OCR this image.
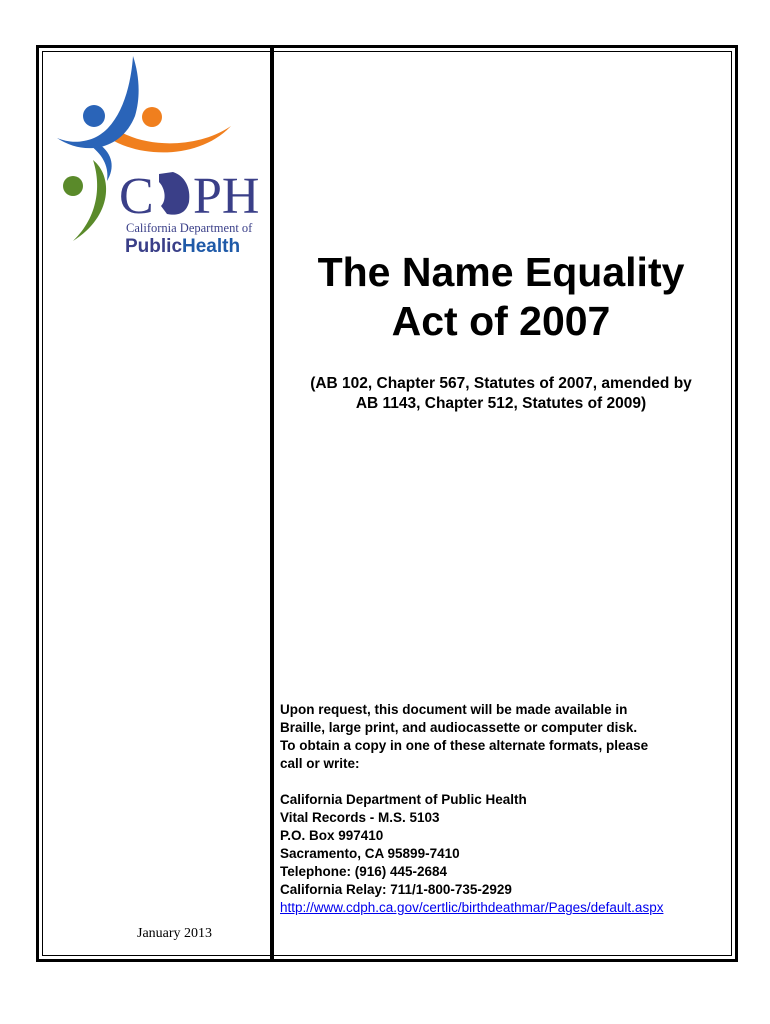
C PH
California Department of
PublicHealth
January 2013
The Name Equality
Act of 2007
(AB 102, Chapter 567, Statutes of 2007, amended by
AB 1143, Chapter 512, Statutes of 2009)
Upon request, this document will be made available in
Braille, large print, and audiocassette or computer disk.
To obtain a copy in one of these alternate formats, please
call or write:
California Department of Public Health
Vital Records - M.S. 5103
P.O. Box 997410
Sacramento, CA 95899-7410
Telephone: (916) 445-2684
California Relay: 711/1-800-735-2929
http://www.cdph.ca.gov/certlic/birthdeathmar/Pages/default.aspx
